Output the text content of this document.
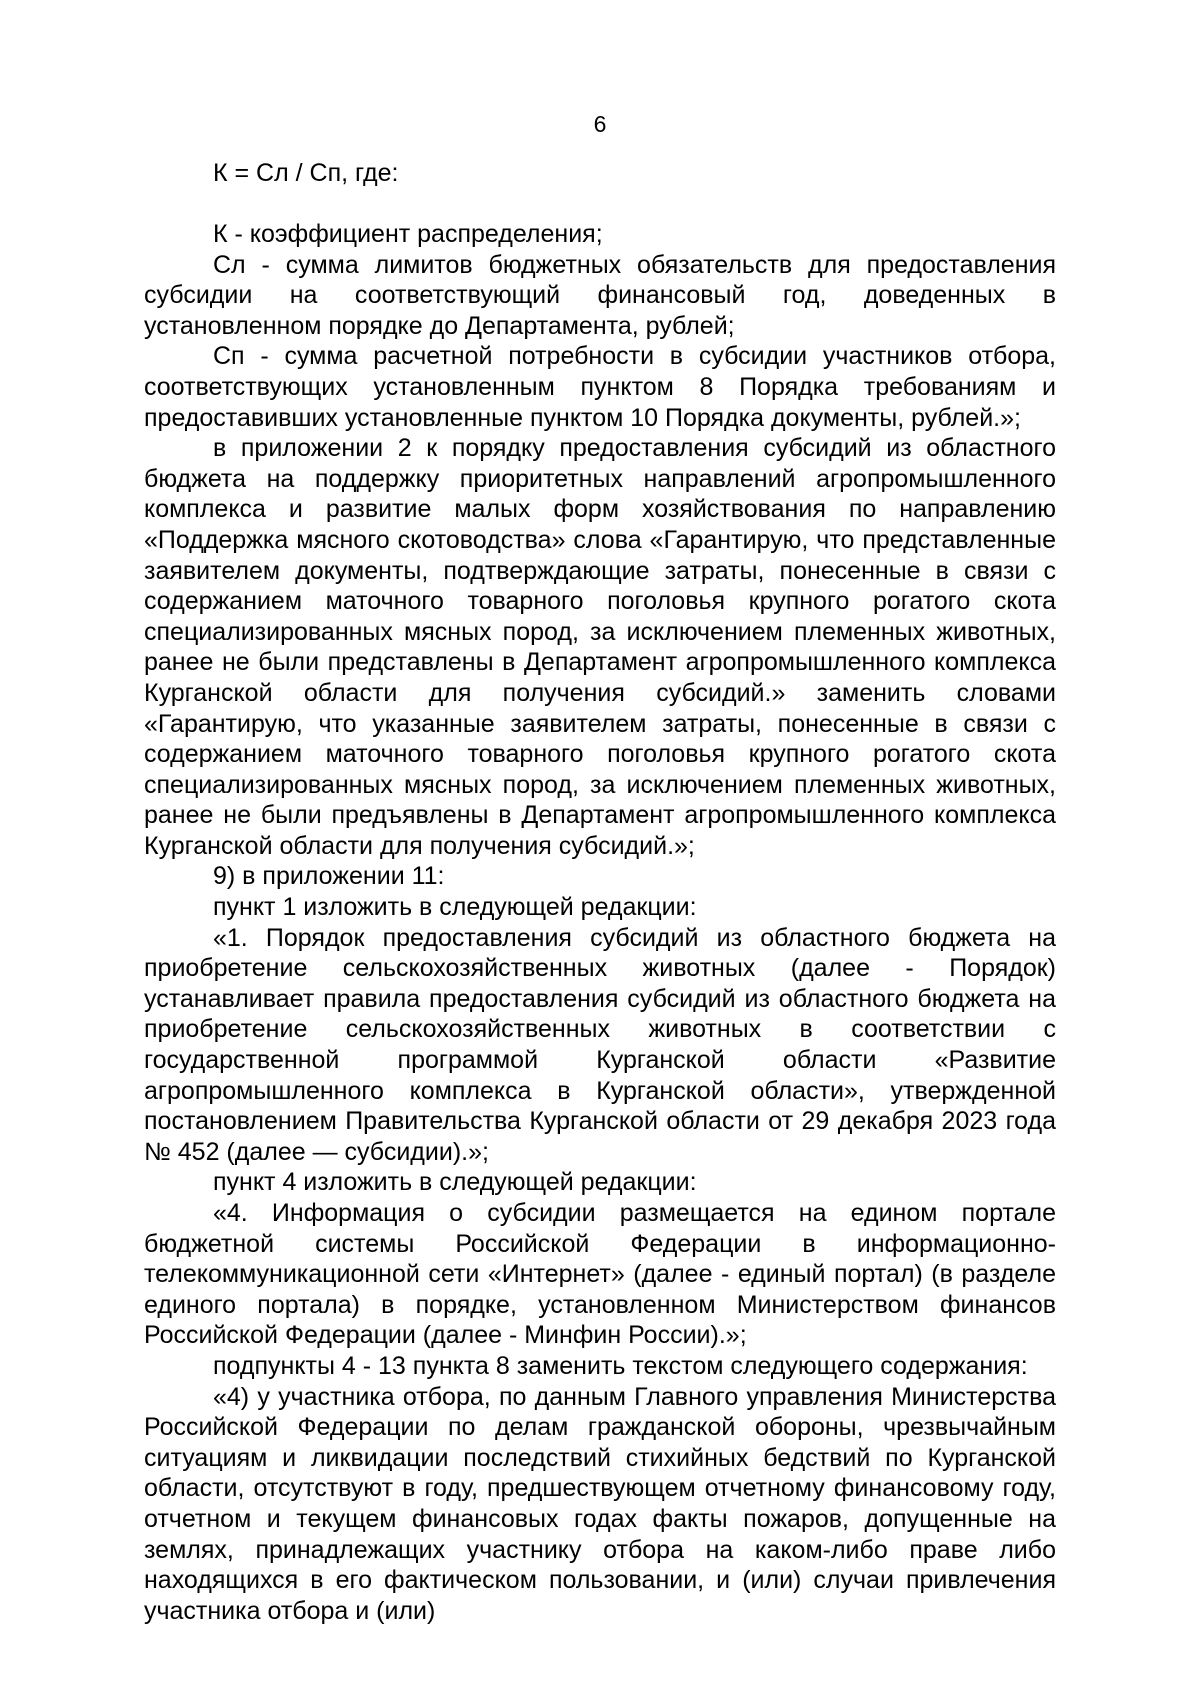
6
К = Сл / Сп, где:

К - коэффициент распределения;

Сл - сумма лимитов бюджетных обязательств для предоставления субсидии на соответствующий финансовый год, доведенных в установленном порядке до Департамента, рублей;

Сп - сумма расчетной потребности в субсидии участников отбора, соответствующих установленным пунктом 8 Порядка требованиям и предоставивших установленные пунктом 10 Порядка документы, рублей.»;

в приложении 2 к порядку предоставления субсидий из областного бюджета на поддержку приоритетных направлений агропромышленного комплекса и развитие малых форм хозяйствования по направлению «Поддержка мясного скотоводства» слова «Гарантирую, что представленные заявителем документы, подтверждающие затраты, понесенные в связи с содержанием маточного товарного поголовья крупного рогатого скота специализированных мясных пород, за исключением племенных животных, ранее не были представлены в Департамент агропромышленного комплекса Курганской области для получения субсидий.» заменить словами «Гарантирую, что указанные заявителем затраты, понесенные в связи с содержанием маточного товарного поголовья крупного рогатого скота специализированных мясных пород, за исключением племенных животных, ранее не были предъявлены в Департамент агропромышленного комплекса Курганской области для получения субсидий.»;

9) в приложении 11:

пункт 1 изложить в следующей редакции:

«1. Порядок предоставления субсидий из областного бюджета на приобретение сельскохозяйственных животных (далее - Порядок) устанавливает правила предоставления субсидий из областного бюджета на приобретение сельскохозяйственных животных в соответствии с государственной программой Курганской области «Развитие агропромышленного комплекса в Курганской области», утвержденной постановлением Правительства Курганской области от 29 декабря 2023 года № 452 (далее — субсидии).»;

пункт 4 изложить в следующей редакции:

«4. Информация о субсидии размещается на едином портале бюджетной системы Российской Федерации в информационно-телекоммуникационной сети «Интернет» (далее - единый портал) (в разделе единого портала) в порядке, установленном Министерством финансов Российской Федерации (далее - Минфин России).»;

подпункты 4 - 13 пункта 8 заменить текстом следующего содержания:

«4) у участника отбора, по данным Главного управления Министерства Российской Федерации по делам гражданской обороны, чрезвычайным ситуациям и ликвидации последствий стихийных бедствий по Курганской области, отсутствуют в году, предшествующем отчетному финансовому году, отчетном и текущем финансовых годах факты пожаров, допущенные на землях, принадлежащих участнику отбора на каком-либо праве либо находящихся в его фактическом пользовании, и (или) случаи привлечения участника отбора и (или)
